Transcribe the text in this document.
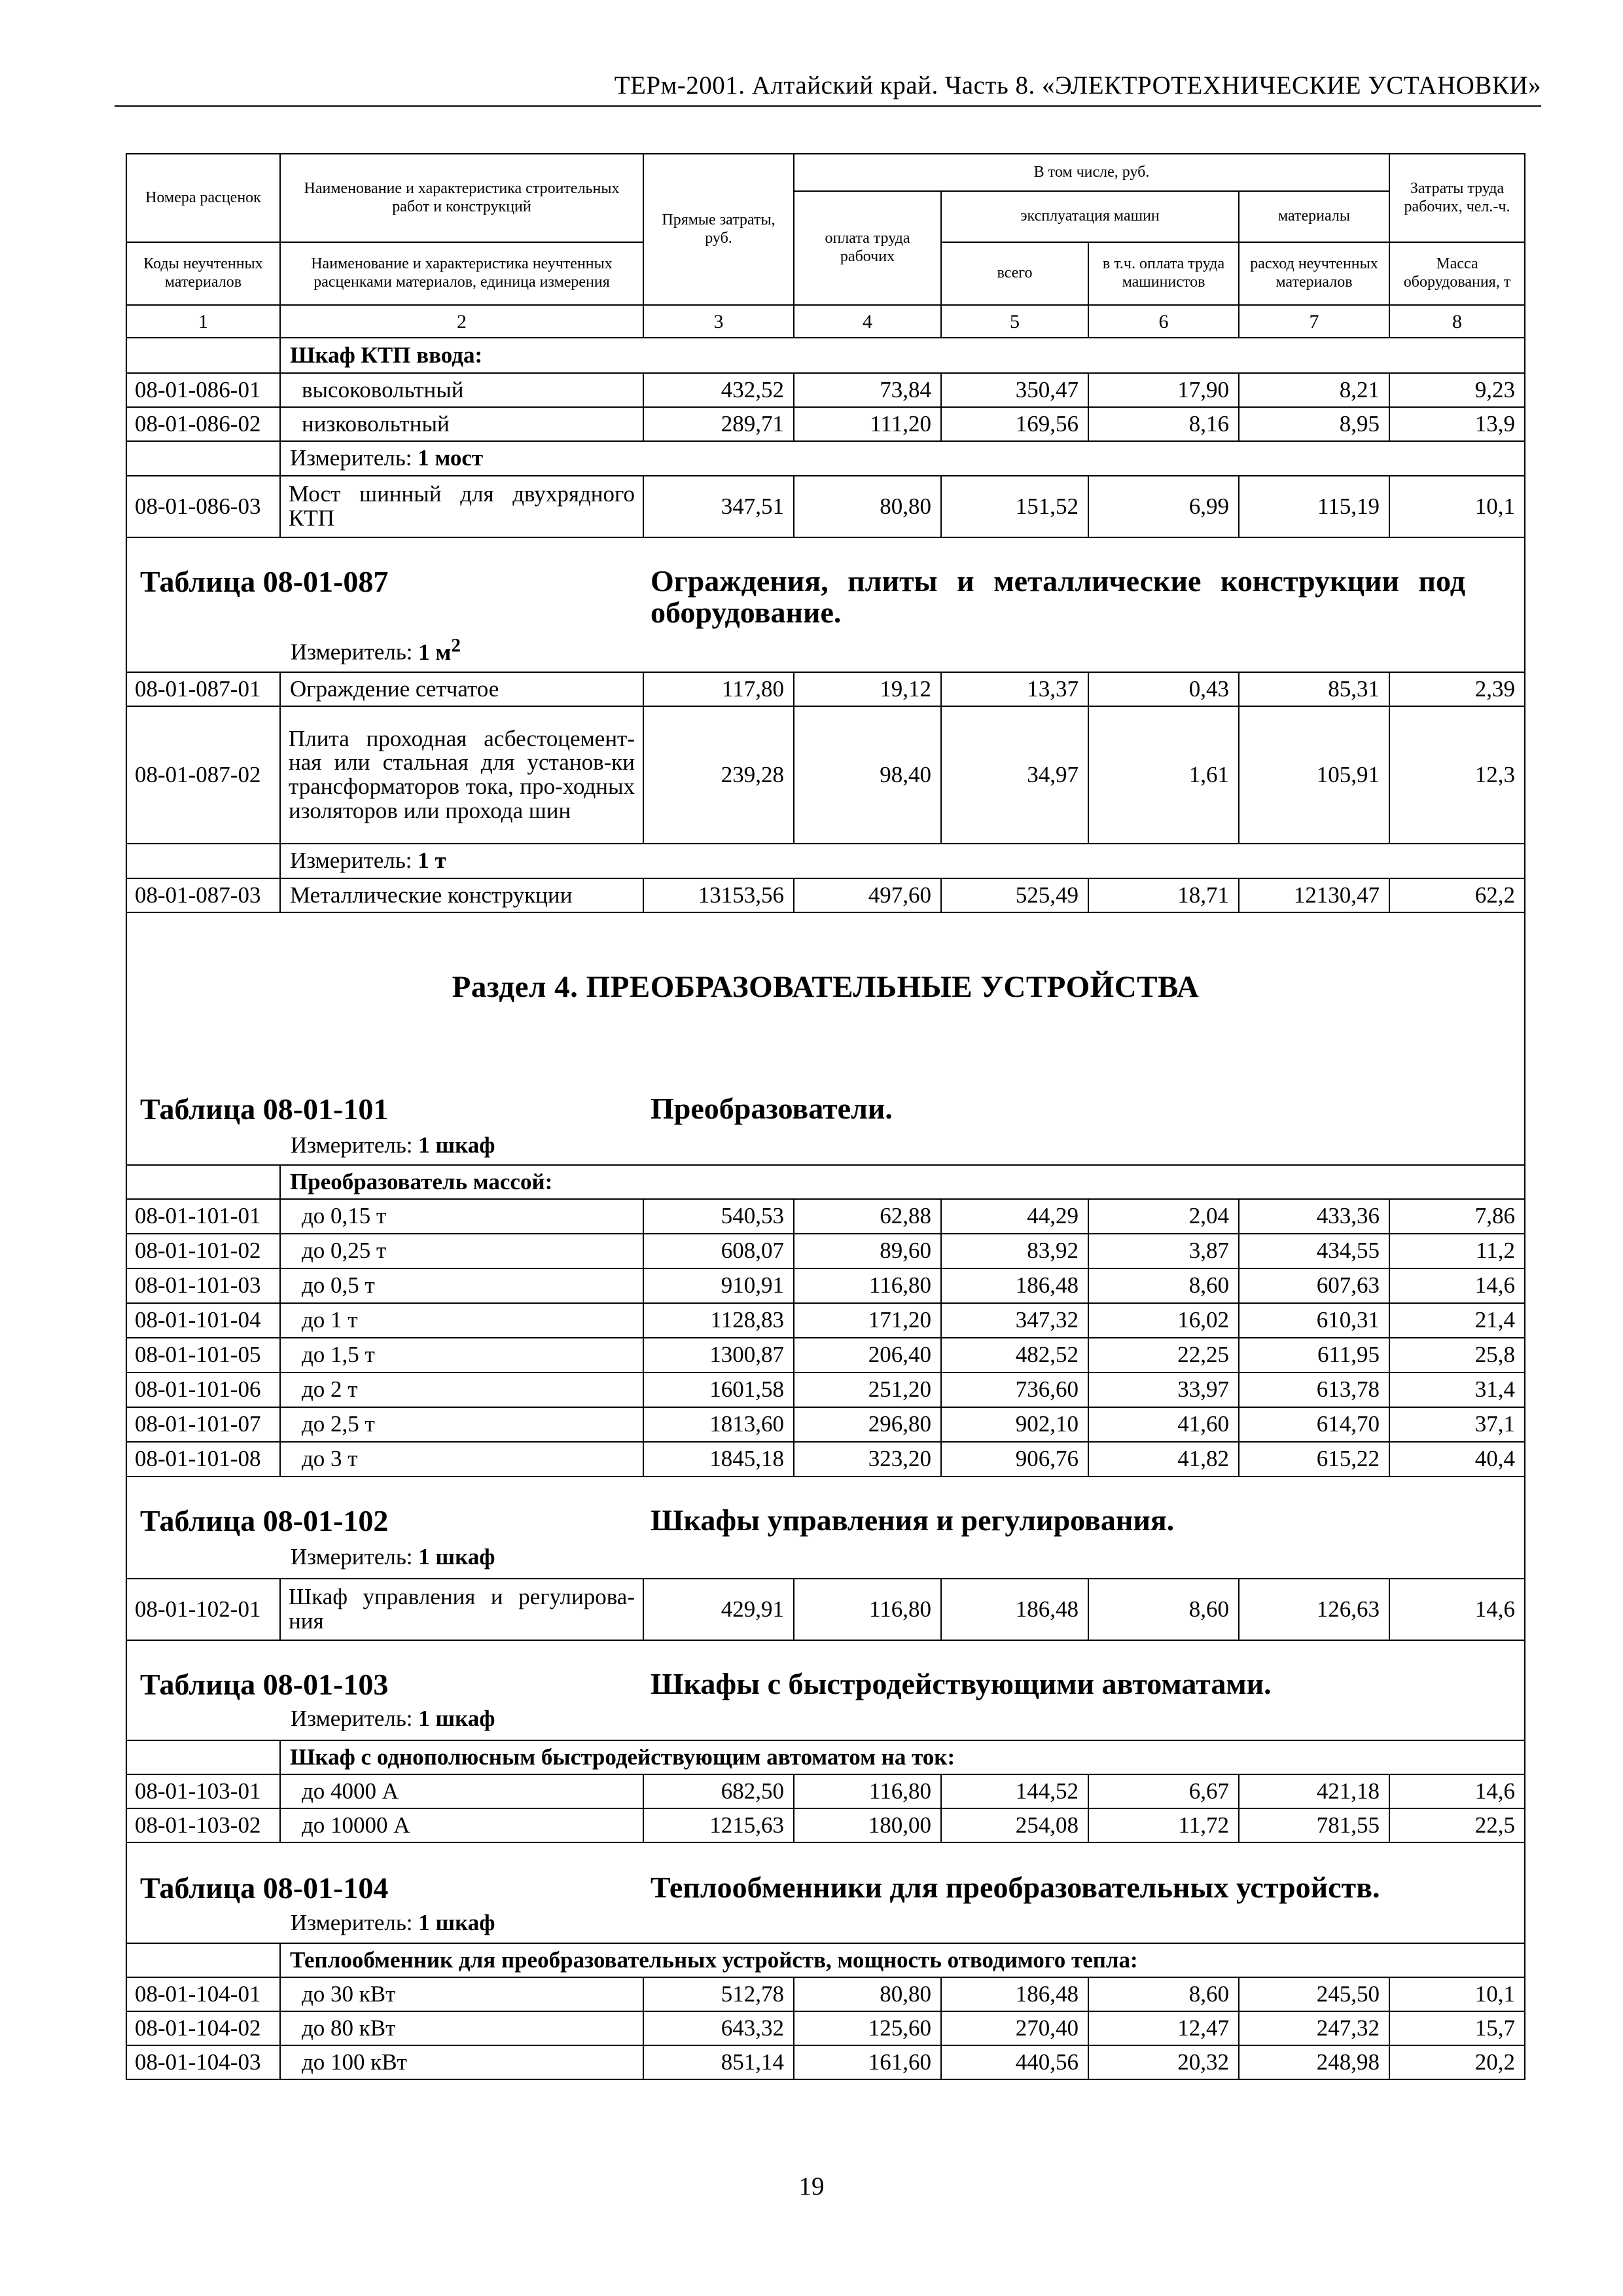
ТЕРм-2001. Алтайский край. Часть 8. «ЭЛЕКТРОТЕХНИЧЕСКИЕ УСТАНОВКИ»
Номера расценок	Наименование и характеристика строительных работ и конструкций	Прямые затраты, руб.	В том числе, руб.				Затраты труда рабочих, чел.-ч.
			оплата труда рабочих	эксплуатация машин		материалы	
Коды неучтенных материалов	Наименование и характеристика неучтенных расценками материалов, единица измерения			всего	в т.ч. оплата труда машинистов	расход неучтенных материалов	Масса оборудования, т
1	2	3	4	5	6	7	8
	Шкаф КТП ввода:						
08-01-086-01	высоковольтный	432,52	73,84	350,47	17,90	8,21	9,23
08-01-086-02	низковольтный	289,71	111,20	169,56	8,16	8,95	13,9
	Измеритель: 1 мост						
08-01-086-03	Мост шинный для двухрядного КТП	347,51	80,80	151,52	6,99	115,19	10,1

Таблица 08-01-087 Ограждения, плиты и металлические конструкции под оборудование.
Измеритель: 1 $м^2$

08-01-087-01	Ограждение сетчатое	117,80	19,12	13,37	0,43	85,31	2,39
08-01-087-02	Плита проходная асбестоцемент-ная или стальная для установ-ки трансформаторов тока, про-ходных изоляторов или прохода шин	239,28	98,40	34,97	1,61	105,91	12,3
	Измеритель: 1 т						
08-01-087-03	Металлические конструкции	13153,56	497,60	525,49	18,71	12130,47	62,2

Раздел 4. ПРЕОБРАЗОВАТЕЛЬНЫЕ УСТРОЙСТВА
Таблица 08-01-101 Преобразователи.
Измеритель: 1 шкаф							

	Преобразователь массой:						
08-01-101-01	до 0,15 т	540,53	62,88	44,29	2,04	433,36	7,86
08-01-101-02	до 0,25 т	608,07	89,60	83,92	3,87	434,55	11,2
08-01-101-03	до 0,5 т	910,91	116,80	186,48	8,60	607,63	14,6
08-01-101-04	до 1 т	1128,83	171,20	347,32	16,02	610,31	21,4
08-01-101-05	до 1,5 т	1300,87	206,40	482,52	22,25	611,95	25,8
08-01-101-06	до 2 т	1601,58	251,20	736,60	33,97	613,78	31,4
08-01-101-07	до 2,5 т	1813,60	296,80	902,10	41,60	614,70	37,1
08-01-101-08	до 3 т	1845,18	323,20	906,76	41,82	615,22	40,4

Таблица 08-01-102 Шкафы управления и регулирования.
Измеритель: 1 шкаф							

08-01-102-01	Шкаф управления и регулирова-ния	429,91	116,80	186,48	8,60	126,63	14,6

Таблица 08-01-103 Шкафы с быстродействующими автоматами.
Измеритель: 1 шкаф							

	Шкаф с однополюсным быстродействующим автоматом на ток:						
08-01-103-01	до 4000 А	682,50	116,80	144,52	6,67	421,18	14,6
08-01-103-02	до 10000 А	1215,63	180,00	254,08	11,72	781,55	22,5

Таблица 08-01-104 Теплообменники для преобразовательных устройств.
Измеритель: 1 шкаф							

	Теплообменник для преобразовательных устройств, мощность отводимого тепла:						
08-01-104-01	до 30 кВт	512,78	80,80	186,48	8,60	245,50	10,1
08-01-104-02	до 80 кВт	643,32	125,60	270,40	12,47	247,32	15,7
08-01-104-03	до 100 кВт	851,14	161,60	440,56	20,32	248,98	20,2
19
